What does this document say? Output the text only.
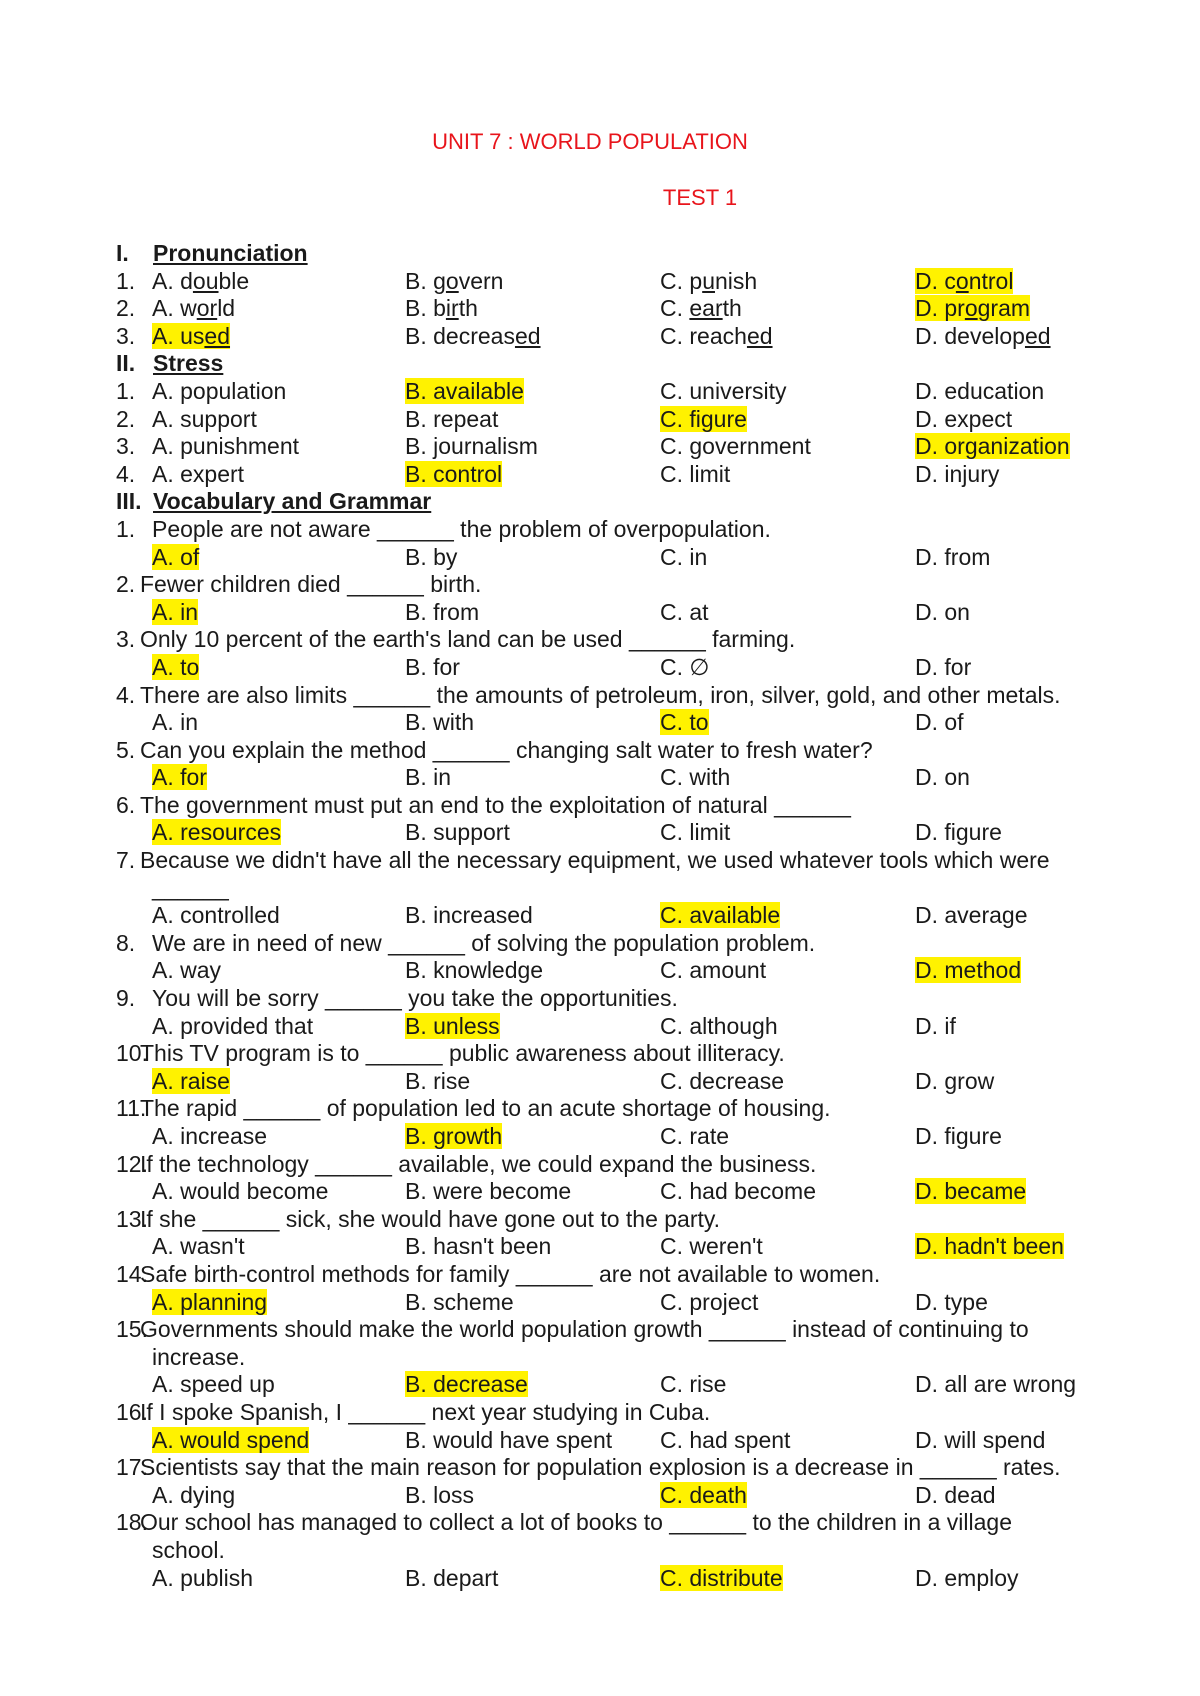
UNIT 7 : WORLD POPULATION
TEST 1
I. Pronunciation
1. A. double	B. govern	C. punish	D. control
2. A. world	B. birth	C. earth	D. program
3. A. used	B. decreased	C. reached	D. developed
II. Stress
1. A. population	B. available	C. university	D. education
2. A. support	B. repeat	C. figure	D. expect
3. A. punishment	B. journalism	C. government	D. organization
4. A. expert	B. control	C. limit	D. injury
III. Vocabulary and Grammar
1. People are not aware ______ the problem of overpopulation.
A. of	B. by	C. in	D. from
2. Fewer children died ______ birth.
A. in	B. from	C. at	D. on
3. Only 10 percent of the earth's land can be used ______ farming.
A. to	B. for	C. ∅	D. for
4. There are also limits ______ the amounts of petroleum, iron, silver, gold, and other metals.
A. in	B. with	C. to	D. of
5. Can you explain the method ______ changing salt water to fresh water?
A. for	B. in	C. with	D. on
6. The government must put an end to the exploitation of natural ______
A. resources	B. support	C. limit	D. figure
7. Because we didn't have all the necessary equipment, we used whatever tools which were
______
A. controlled	B. increased	C. available	D. average
8. We are in need of new ______ of solving the population problem.
A. way	B. knowledge	C. amount	D. method
9. You will be sorry ______ you take the opportunities.
A. provided that	B. unless	C. although	D. if
10.
This TV program is to ______ public awareness about illiteracy.
A. raise	B. rise	C. decrease	D. grow
11.
The rapid ______ of population led to an acute shortage of housing.
A. increase	B. growth	C. rate	D. figure
12.
If the technology ______ available, we could expand the business.
A. would become	B. were become	C. had become	D. became
13.
If she ______ sick, she would have gone out to the party.
A. wasn't	B. hasn't been	C. weren't	D. hadn't been
14.
Safe birth-control methods for family ______ are not available to women.
A. planning	B. scheme	C. project	D. type
15.
Governments should make the world population growth ______ instead of continuing to
increase.
A. speed up	B. decrease	C. rise	D. all are wrong
16.
If I spoke Spanish, I ______ next year studying in Cuba.
A. would spend	B. would have spent C. had spent	D. will spend
17.
Scientists say that the main reason for population explosion is a decrease in ______ rates.
A. dying	B. loss	C. death	D. dead
18.
Our school has managed to collect a lot of books to ______ to the children in a village
school.
A. publish	B. depart	C. distribute	D. employ
